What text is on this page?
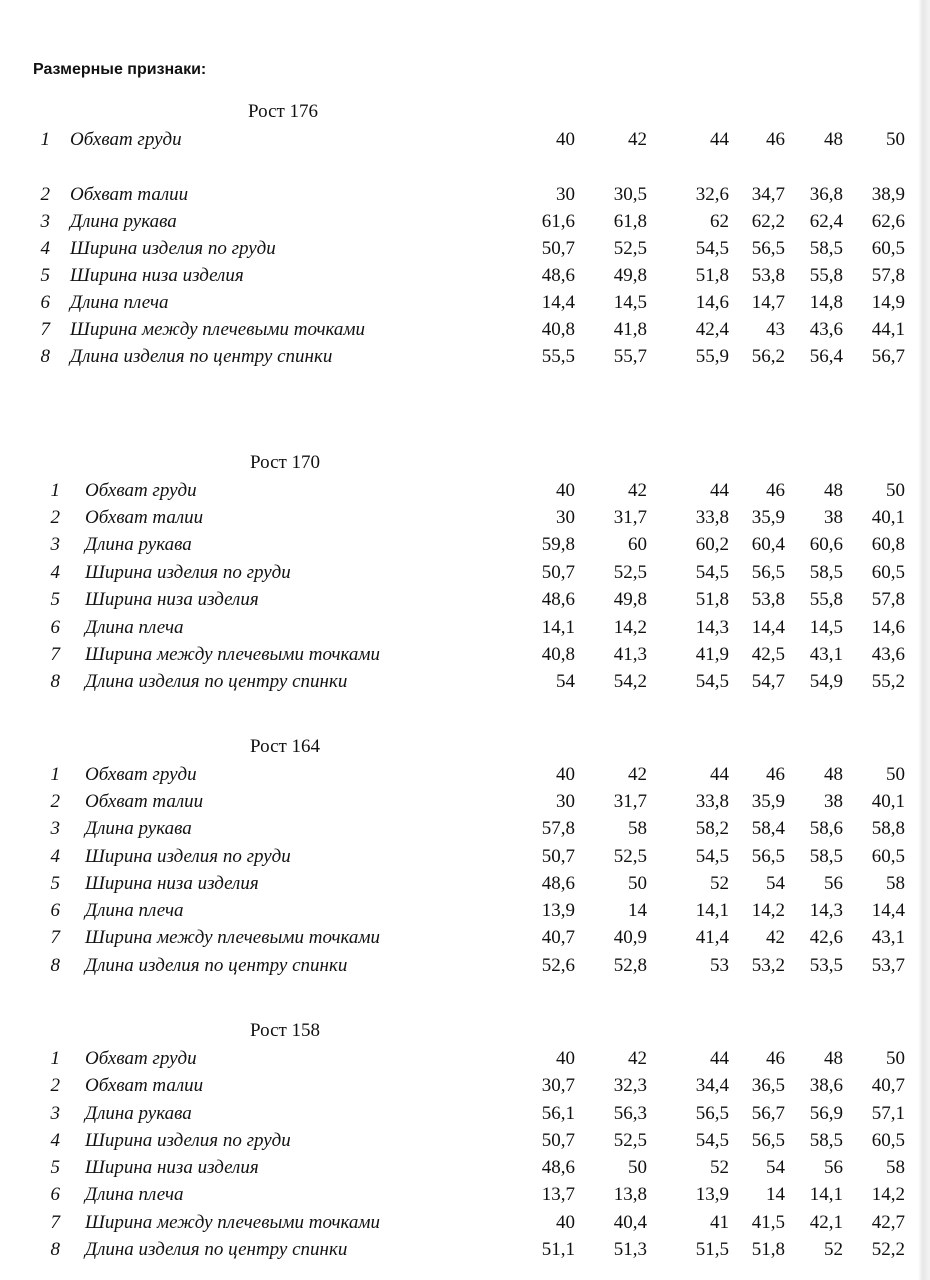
Размерные признаки:
Рост 176
1 Обхват груди	40	42	44	46	48	50
2 Обхват талии	30	30,5	32,6	34,7	36,8	38,9
3 Длина рукава	61,6	61,8	62	62,2	62,4	62,6
4 Ширина изделия по груди	50,7	52,5	54,5	56,5	58,5	60,5
5 Ширина низа изделия	48,6	49,8	51,8	53,8	55,8	57,8
6 Длина плеча	14,4	14,5	14,6	14,7	14,8	14,9
7 Ширина между плечевыми точками	40,8	41,8	42,4	43	43,6	44,1
8 Длина изделия по центру спинки	55,5	55,7	55,9	56,2	56,4	56,7
Рост 170
1 Обхват груди	40	42	44	46	48	50
2 Обхват талии	30	31,7	33,8	35,9	38	40,1
3 Длина рукава	59,8	60	60,2	60,4	60,6	60,8
4 Ширина изделия по груди	50,7	52,5	54,5	56,5	58,5	60,5
5 Ширина низа изделия	48,6	49,8	51,8	53,8	55,8	57,8
6 Длина плеча	14,1	14,2	14,3	14,4	14,5	14,6
7 Ширина между плечевыми точками	40,8	41,3	41,9	42,5	43,1	43,6
8 Длина изделия по центру спинки	54	54,2	54,5	54,7	54,9	55,2
Рост 164
1 Обхват груди	40	42	44	46	48	50
2 Обхват талии	30	31,7	33,8	35,9	38	40,1
3 Длина рукава	57,8	58	58,2	58,4	58,6	58,8
4 Ширина изделия по груди	50,7	52,5	54,5	56,5	58,5	60,5
5 Ширина низа изделия	48,6	50	52	54	56	58
6 Длина плеча	13,9	14	14,1	14,2	14,3	14,4
7 Ширина между плечевыми точками	40,7	40,9	41,4	42	42,6	43,1
8 Длина изделия по центру спинки	52,6	52,8	53	53,2	53,5	53,7
Рост 158
1 Обхват груди	40	42	44	46	48	50
2 Обхват талии	30,7	32,3	34,4	36,5	38,6	40,7
3 Длина рукава	56,1	56,3	56,5	56,7	56,9	57,1
4 Ширина изделия по груди	50,7	52,5	54,5	56,5	58,5	60,5
5 Ширина низа изделия	48,6	50	52	54	56	58
6 Длина плеча	13,7	13,8	13,9	14	14,1	14,2
7 Ширина между плечевыми точками	40	40,4	41	41,5	42,1	42,7
8 Длина изделия по центру спинки	51,1	51,3	51,5	51,8	52	52,2
